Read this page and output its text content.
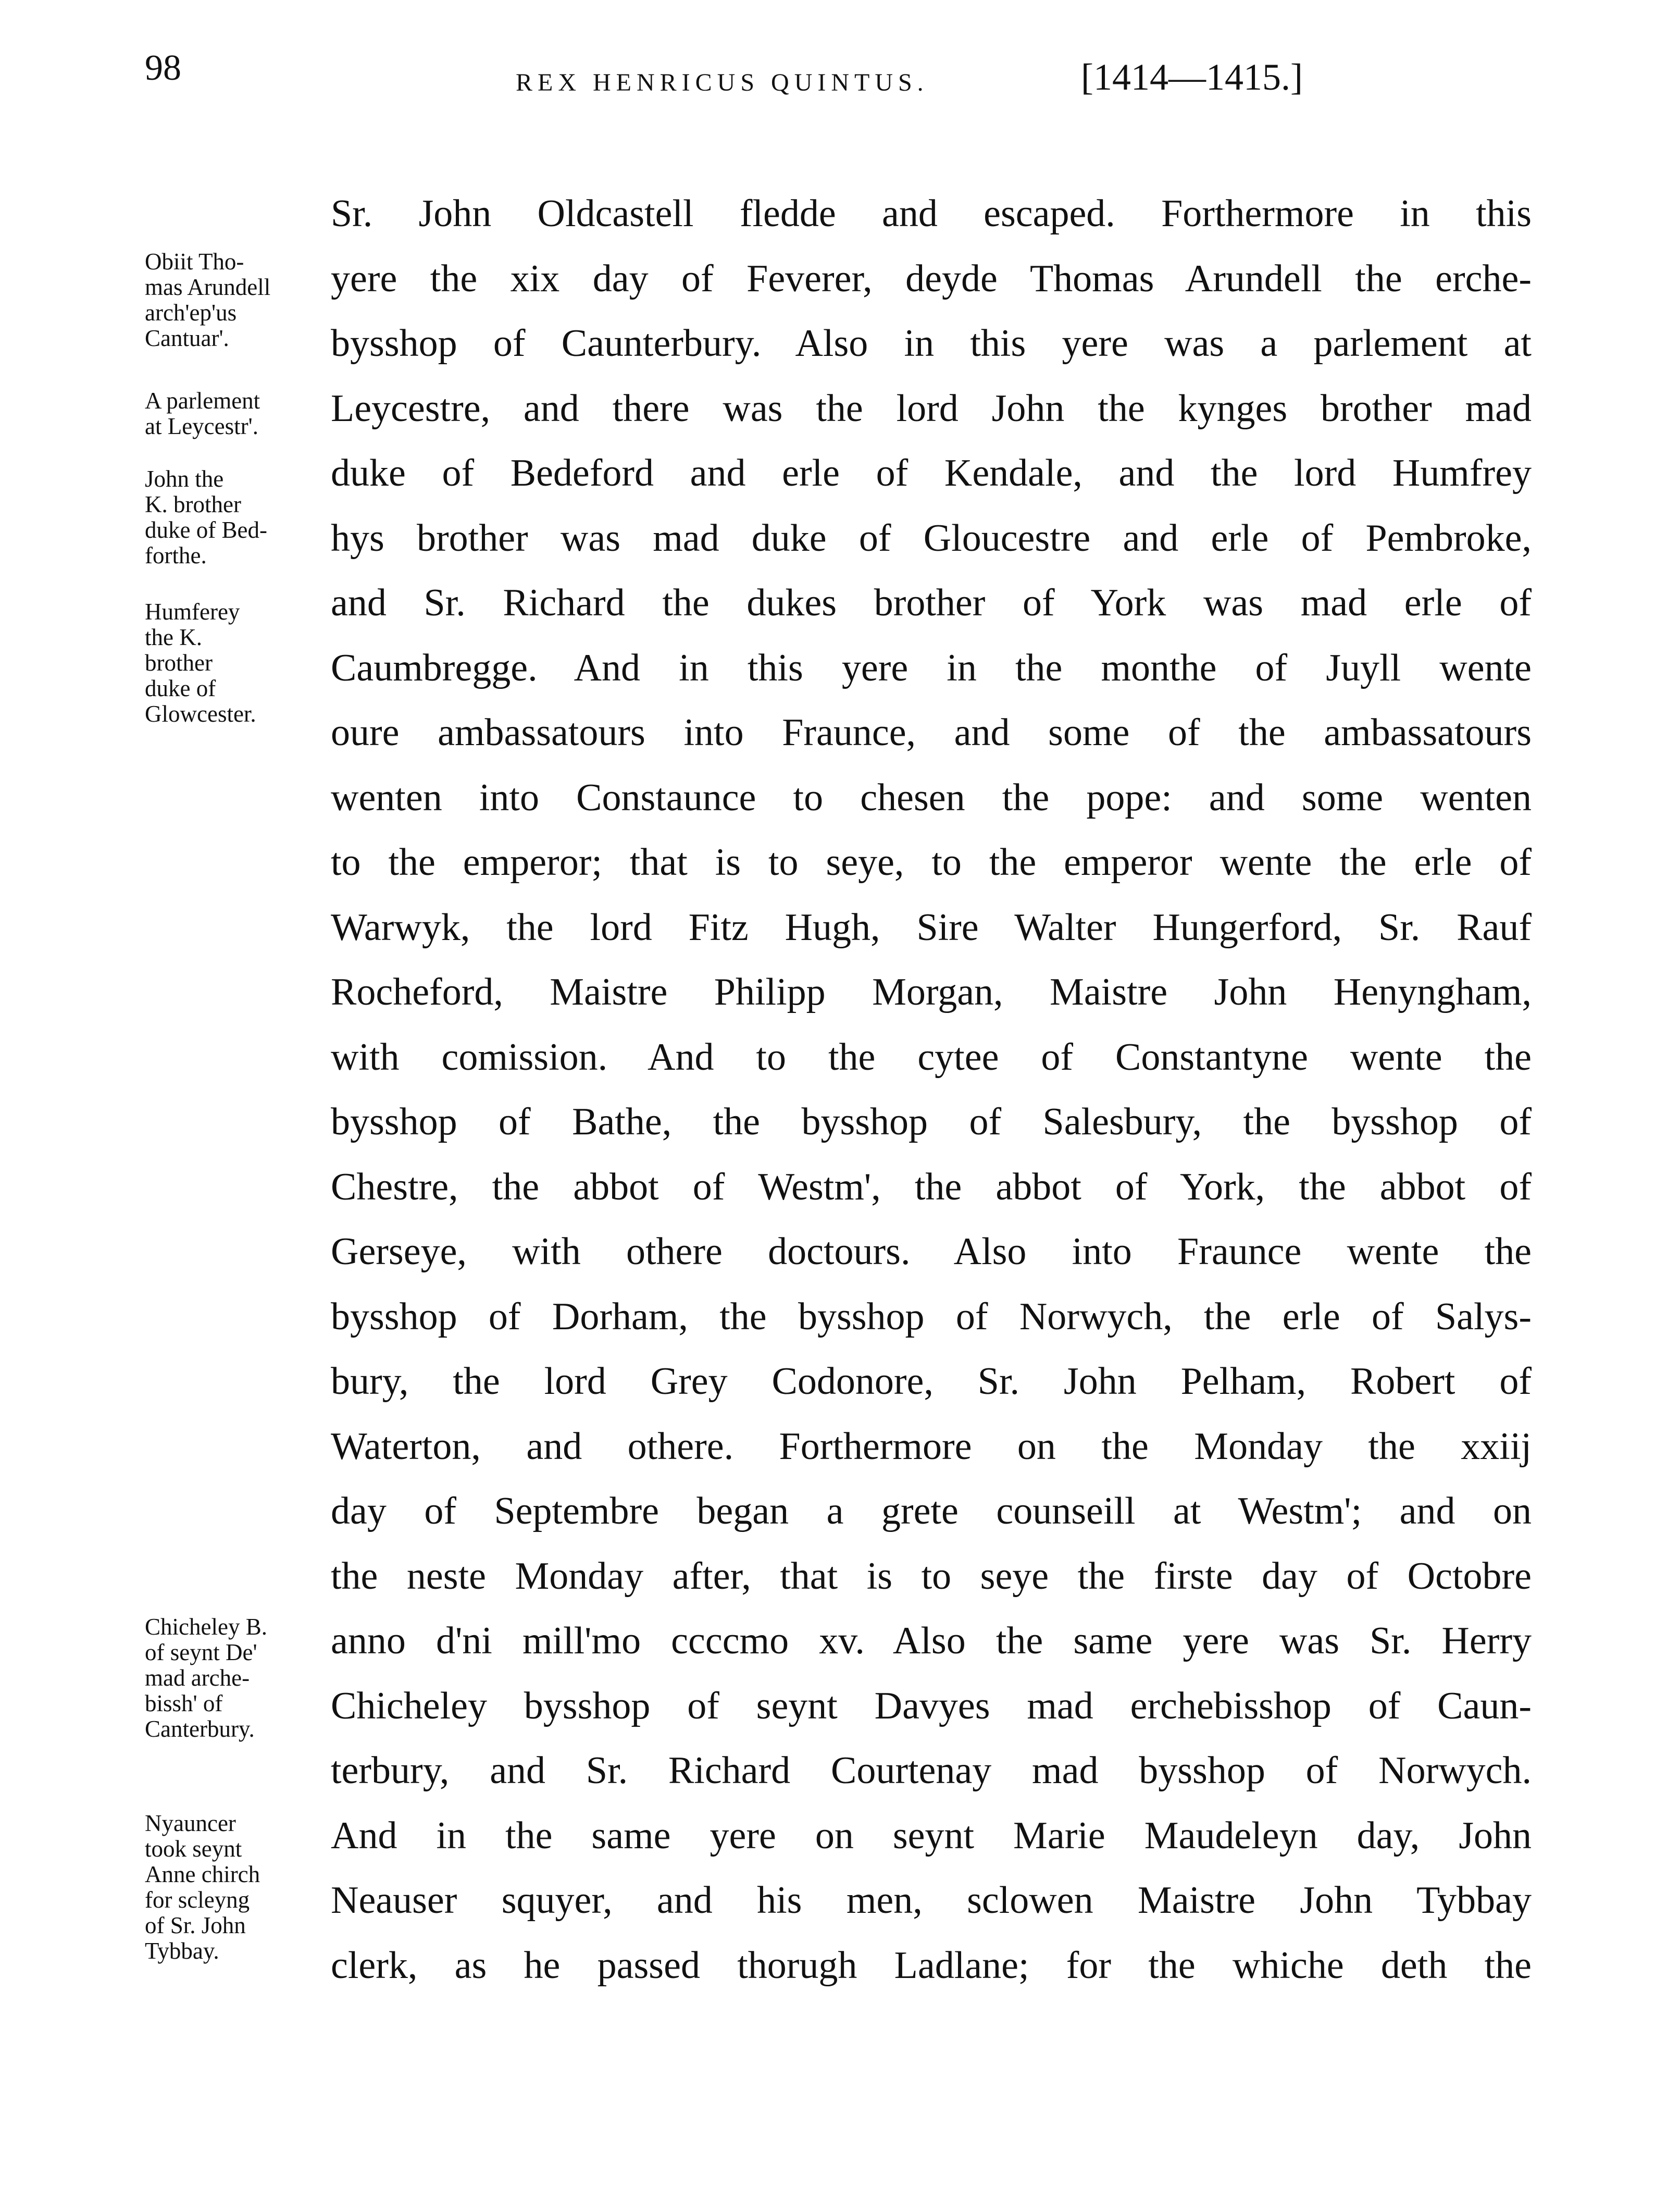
98	REX HENRICUS QUINTUS.	[1414—1415.]
Sr. John Oldcastell fledde and escaped. Forthermore in this
yere the xix day of Feverer, deyde Thomas Arundell the erche-
bysshop of Caunterbury. Also in this yere was a parlement at
Leycestre, and there was the lord John the kynges brother mad
duke of Bedeford and erle of Kendale, and the lord Humfrey
hys brother was mad duke of Gloucestre and erle of Pembroke,
and Sr. Richard the dukes brother of York was mad erle of
Caumbregge. And in this yere in the monthe of Juyll wente
oure ambassatours into Fraunce, and some of the ambassatours
wenten into Constaunce to chesen the pope: and some wenten
to the emperor; that is to seye, to the emperor wente the erle of
Warwyk, the lord Fitz Hugh, Sire Walter Hungerford, Sr. Rauf
Rocheford, Maistre Philipp Morgan, Maistre John Henyngham,
with comission. And to the cytee of Constantyne wente the
bysshop of Bathe, the bysshop of Salesbury, the bysshop of
Chestre, the abbot of Westm', the abbot of York, the abbot of
Gerseye, with othere doctours. Also into Fraunce wente the
bysshop of Dorham, the bysshop of Norwych, the erle of Salys-
bury, the lord Grey Codonore, Sr. John Pelham, Robert of
Waterton, and othere. Forthermore on the Monday the xxiij
day of Septembre began a grete counseill at Westm'; and on
the neste Monday after, that is to seye the firste day of Octobre
anno d'ni mill'mo ccccmo xv. Also the same yere was Sr. Herry
Chicheley bysshop of seynt Davyes mad erchebisshop of Caun-
terbury, and Sr. Richard Courtenay mad bysshop of Norwych.
And in the same yere on seynt Marie Maudeleyn day, John
Neauser squyer, and his men, sclowen Maistre John Tybbay
clerk, as he passed thorugh Ladlane; for the whiche deth the
Obiit Tho-
mas Arundell
arch'ep'us
Cantuar'.
A parlement
at Leycestr'.
John the
K. brother
duke of Bed-
forthe.
Humferey
the K.
brother
duke of
Glowcester.
Chicheley B.
of seynt De'
mad arche-
bissh' of
Canterbury.
Nyauncer
took seynt
Anne chirch
for scleyng
of Sr. John
Tybbay.
